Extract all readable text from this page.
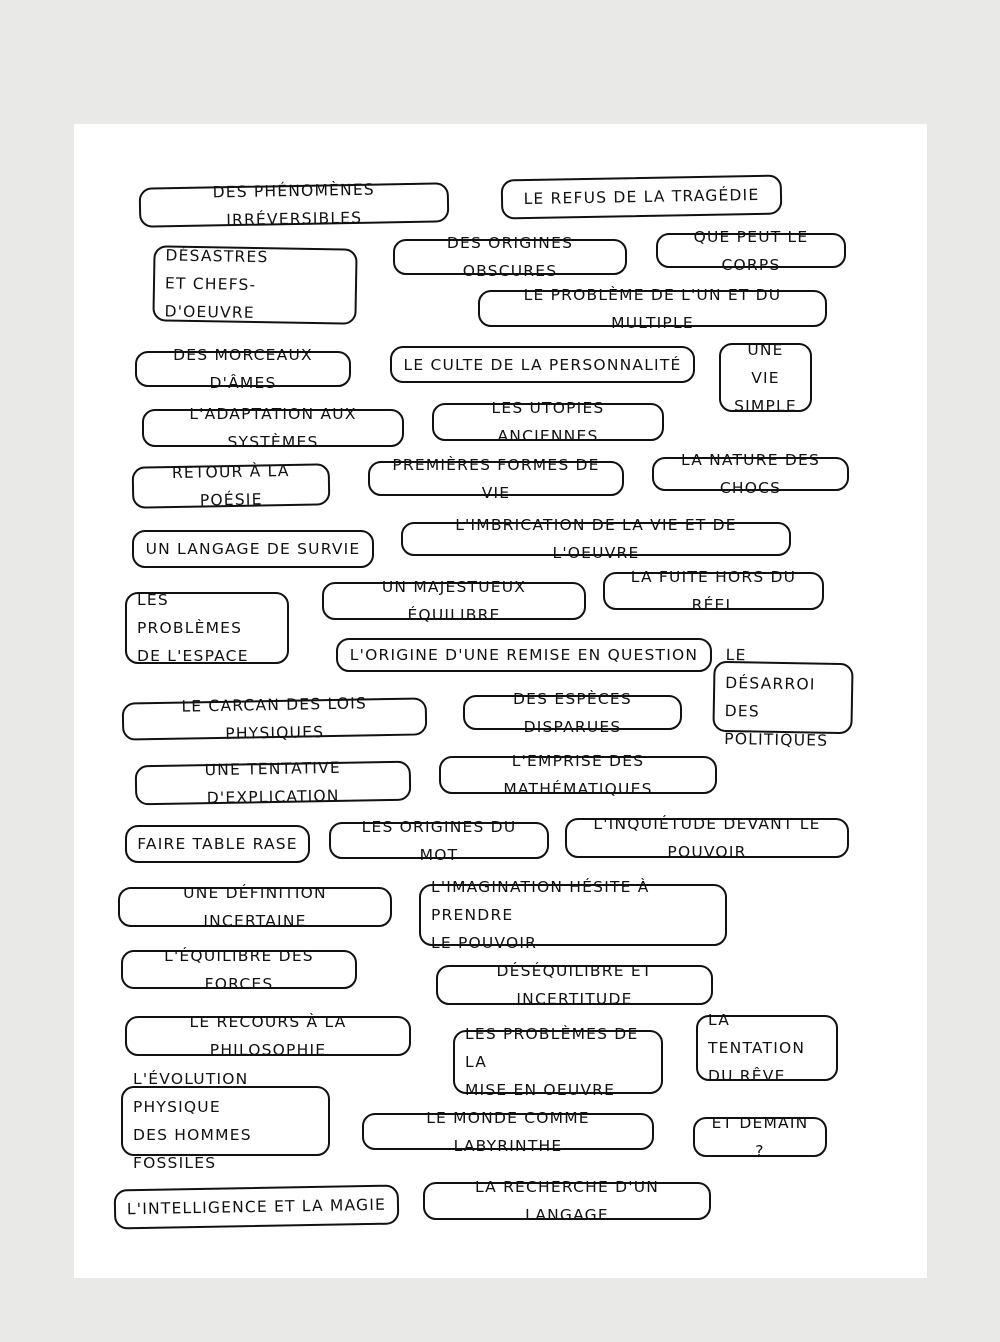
DES PHÉNOMÈNES IRRÉVERSIBLES
LE REFUS DE LA TRAGÉDIE
DÉSASTRES
ET CHEFS-D'OEUVRE
DES ORIGINES OBSCURES
QUE PEUT LE CORPS
LE PROBLÈME DE L'UN ET DU MULTIPLE
DES MORCEAUX D'ÂMES
LE CULTE DE LA PERSONNALITÉ
UNE VIE
SIMPLE
L'ADAPTATION AUX SYSTÈMES
LES UTOPIES ANCIENNES
RETOUR À LA POÉSIE
PREMIÈRES FORMES DE VIE
LA NATURE DES CHOCS
UN LANGAGE DE SURVIE
L'IMBRICATION DE LA VIE ET DE L'OEUVRE
LES PROBLÈMES
DE L'ESPACE
UN MAJESTUEUX ÉQUILIBRE
LA FUITE HORS DU RÉEL
L'ORIGINE D'UNE REMISE EN QUESTION	LE DÉSARROI
DES POLITIQUES
LE CARCAN DES LOIS PHYSIQUES
DES ESPÈCES DISPARUES
UNE TENTATIVE D'EXPLICATION
L'EMPRISE DES MATHÉMATIQUES
FAIRE TABLE RASE
LES ORIGINES DU MOT
L'INQUIÉTUDE DEVANT LE POUVOIR
UNE DÉFINITION INCERTAINE
L'IMAGINATION HÉSITE À PRENDRE
LE POUVOIR
L'ÉQUILIBRE DES FORCES
DÉSÉQUILIBRE ET INCERTITUDE
LE RECOURS À LA PHILOSOPHIE
LES PROBLÈMES DE LA
MISE EN OEUVRE
LA TENTATION
DU RÊVE
L'ÉVOLUTION PHYSIQUE
DES HOMMES FOSSILES
LE MONDE COMME LABYRINTHE
ET DEMAIN ?
L'INTELLIGENCE ET LA MAGIE
LA RECHERCHE D'UN LANGAGE
